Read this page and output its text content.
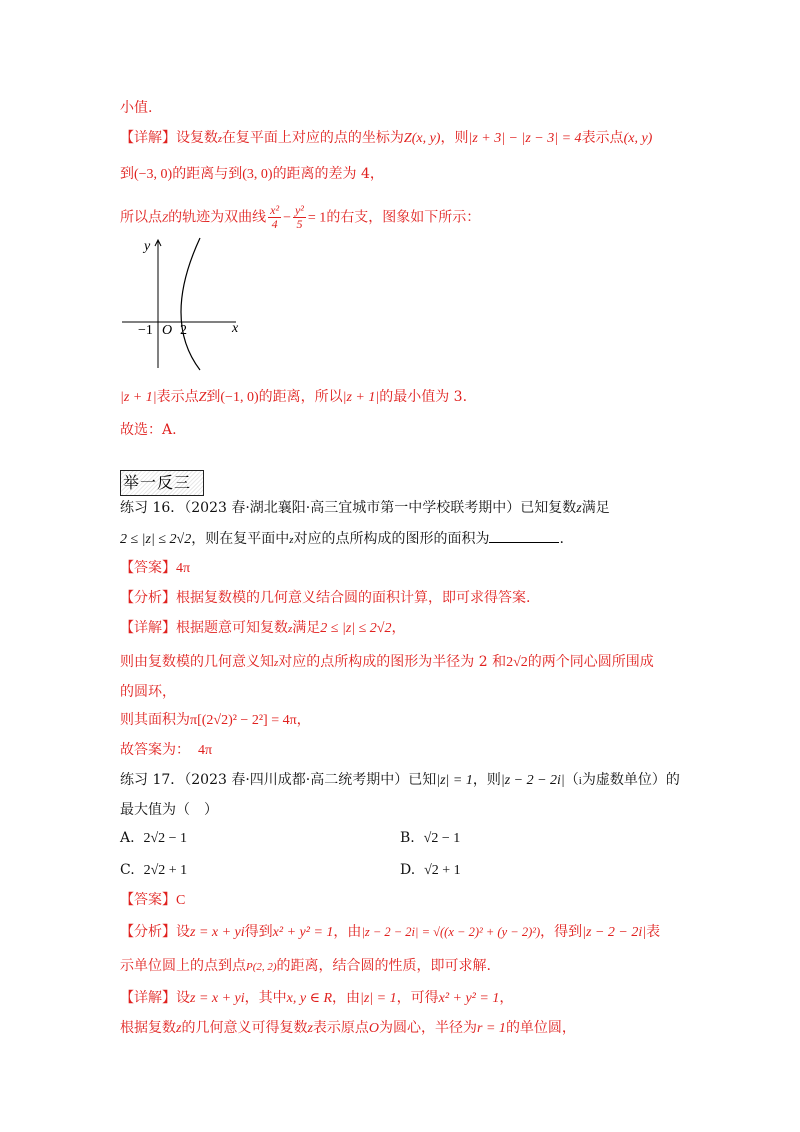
小值.
【详解】设复数z在复平面上对应的点的坐标为Z(x, y)，则|z + 3| − |z − 3| = 4表示点(x, y)
到(−3, 0)的距离与到(3, 0)的距离的差为 4，
所以点Z的轨迹为双曲线 $\frac{\text{x²}}{4} - \frac{\text{y²}}{5} = 1$的右支，图象如下所示：
y
x
−1 O 2
|z + 1|表示点Z到(−1, 0)的距离，所以|z + 1|的最小值为 3.
故选：A.
举一反三
练习 16．（2023 春·湖北襄阳·高三宜城市第一中学校联考期中）已知复数z满足
2 ≤ |z| ≤ 2√2，则在复平面中z对应的点所构成的图形的面积为	.
【答案】4π
【分析】根据复数模的几何意义结合圆的面积计算，即可求得答案.
【详解】根据题意可知复数z满足2 ≤ |z| ≤ 2√2，
则由复数模的几何意义知z对应的点所构成的图形为半径为 2 和2√2的两个同心圆所围成
的圆环，
则其面积为π[(2√2)² − 2²] = 4π，
故答案为： 4π
练习 17．（2023 春·四川成都·高二统考期中）已知|z| = 1，则|z − 2 − 2i|（i为虚数单位）的
最大值为（　）
A. 2√2 − 1	B. √2 − 1
C. 2√2 + 1	D. √2 + 1
【答案】C
【分析】设z = x + yi得到x² + y² = 1，由|z − 2 − 2i| = √((x − 2)² + (y − 2)²)，得到|z − 2 − 2i|表
示单位圆上的点到点P(2, 2)的距离，结合圆的性质，即可求解.
【详解】设z = x + yi，其中x, y ∈ R，由|z| = 1，可得x² + y² = 1，
根据复数z的几何意义可得复数z表示原点O为圆心，半径为r = 1的单位圆，
